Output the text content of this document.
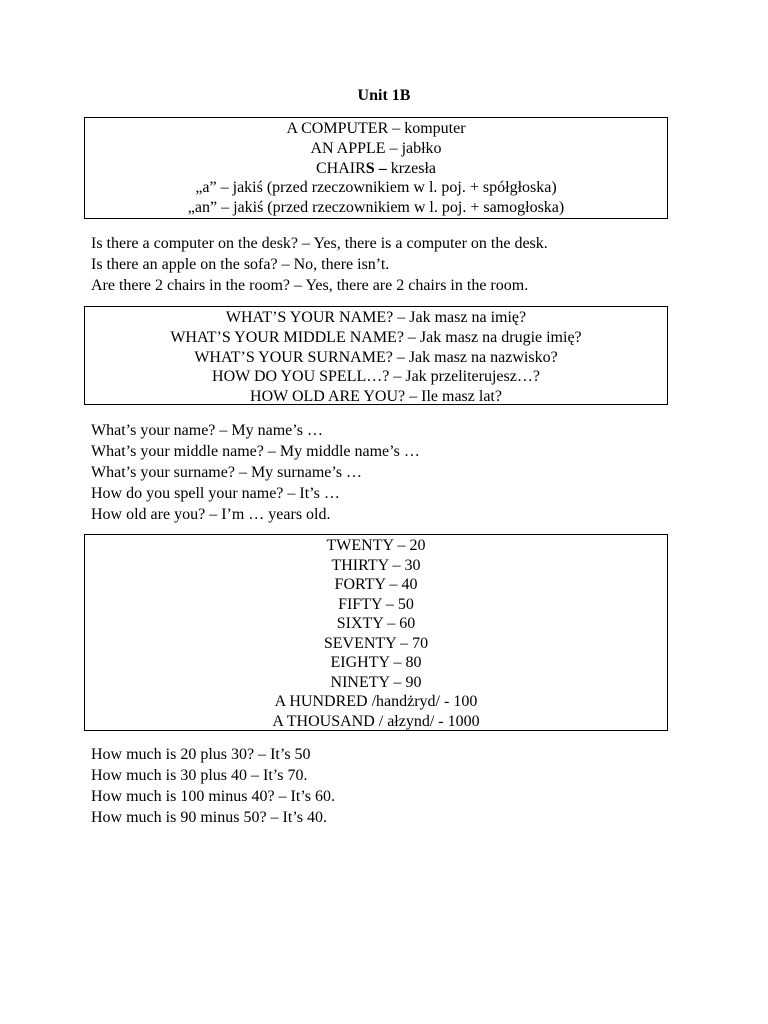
Unit 1B
A COMPUTER – komputer
AN APPLE – jabłko
CHAIRS – krzesła
„a” – jakiś (przed rzeczownikiem w l. poj. + spółgłoska)
„an” – jakiś (przed rzeczownikiem w l. poj. + samogłoska)
Is there a computer on the desk? – Yes, there is a computer on the desk.
Is there an apple on the sofa? – No, there isn’t.
Are there 2 chairs in the room? – Yes, there are 2 chairs in the room.
WHAT’S YOUR NAME? – Jak masz na imię?
WHAT’S YOUR MIDDLE NAME? – Jak masz na drugie imię?
WHAT’S YOUR SURNAME? – Jak masz na nazwisko?
HOW DO YOU SPELL…? – Jak przeliterujesz…?
HOW OLD ARE YOU? – Ile masz lat?
What’s your name? – My name’s …
What’s your middle name? – My middle name’s …
What’s your surname? – My surname’s …
How do you spell your name? – It’s …
How old are you? – I’m … years old.
TWENTY – 20
THIRTY – 30
FORTY – 40
FIFTY – 50
SIXTY – 60
SEVENTY – 70
EIGHTY – 80
NINETY – 90
A HUNDRED /handżryd/ - 100
A THOUSAND / ałzynd/ - 1000
How much is 20 plus 30? – It’s 50
How much is 30 plus 40 – It’s 70.
How much is 100 minus 40? – It’s 60.
How much is 90 minus 50? – It’s 40.
